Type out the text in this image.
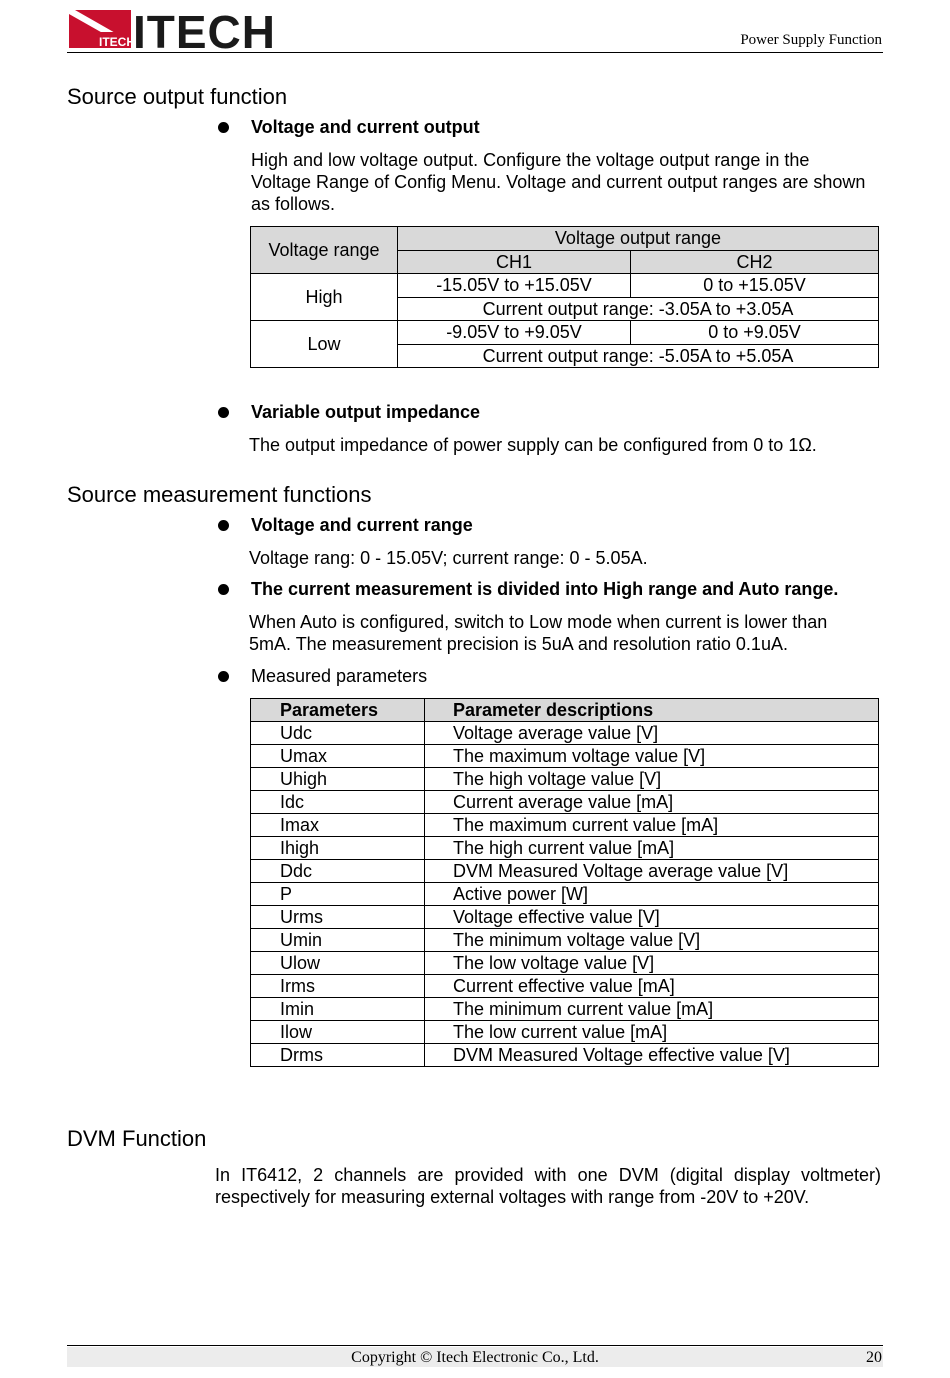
ITECH
ITECH	Power Supply Function
Source output function
Voltage and current output
High and low voltage output. Configure the voltage output range in the Voltage Range of Config Menu. Voltage and current output ranges are shown as follows.
Voltage range	Voltage output range	
	CH1	CH2
High	-15.05V to +15.05V	0 to +15.05V
	Current output range: -3.05A to +3.05A	
Low	-9.05V to +9.05V	0 to +9.05V
	Current output range: -5.05A to +5.05A	
Variable output impedance
The output impedance of power supply can be configured from 0 to 1Ω.
Source measurement functions
Voltage and current range
Voltage rang: 0 - 15.05V; current range: 0 - 5.05A.
The current measurement is divided into High range and Auto range.
When Auto is configured, switch to Low mode when current is lower than 5mA. The measurement precision is 5uA and resolution ratio 0.1uA.
Measured parameters
Parameters	Parameter descriptions
Udc	Voltage average value [V]
Umax	The maximum voltage value [V]
Uhigh	The high voltage value [V]
Idc	Current average value [mA]
Imax	The maximum current value [mA]
Ihigh	The high current value [mA]
Ddc	DVM Measured Voltage average value [V]
P	Active power [W]
Urms	Voltage effective value [V]
Umin	The minimum voltage value [V]
Ulow	The low voltage value [V]
Irms	Current effective value [mA]
Imin	The minimum current value [mA]
Ilow	The low current value [mA]
Drms	DVM Measured Voltage effective value [V]
DVM Function
In IT6412, 2 channels are provided with one DVM (digital display voltmeter) respectively for measuring external voltages with range from -20V to +20V.
Copyright © Itech Electronic Co., Ltd.	20
